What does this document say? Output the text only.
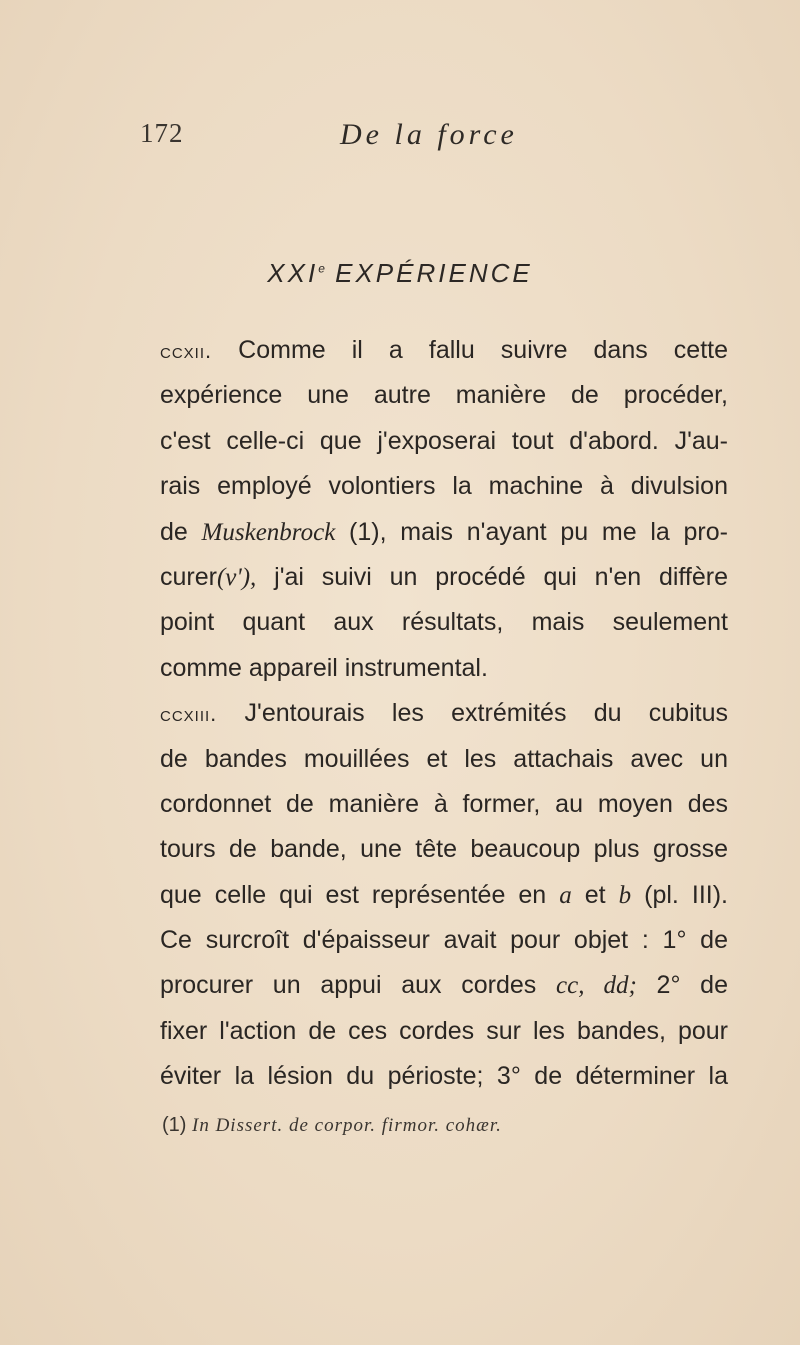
172	De la force
XXIe EXPÉRIENCE
ccxii. Comme il a fallu suivre dans cette
expérience une autre manière de procéder,
c'est celle-ci que j'exposerai tout d'abord. J'au-
rais employé volontiers la machine à divulsion
de Muskenbrock (1), mais n'ayant pu me la pro-
curer(v'), j'ai suivi un procédé qui n'en diffère
point quant aux résultats, mais seulement
comme appareil instrumental.
ccxiii. J'entourais les extrémités du cubitus
de bandes mouillées et les attachais avec un
cordonnet de manière à former, au moyen des
tours de bande, une tête beaucoup plus grosse
que celle qui est représentée en a et b (pl. III).
Ce surcroît d'épaisseur avait pour objet : 1° de
procurer un appui aux cordes cc, dd; 2° de
fixer l'action de ces cordes sur les bandes, pour
éviter la lésion du périoste; 3° de déterminer la
(1) In Dissert. de corpor. firmor. cohær.
